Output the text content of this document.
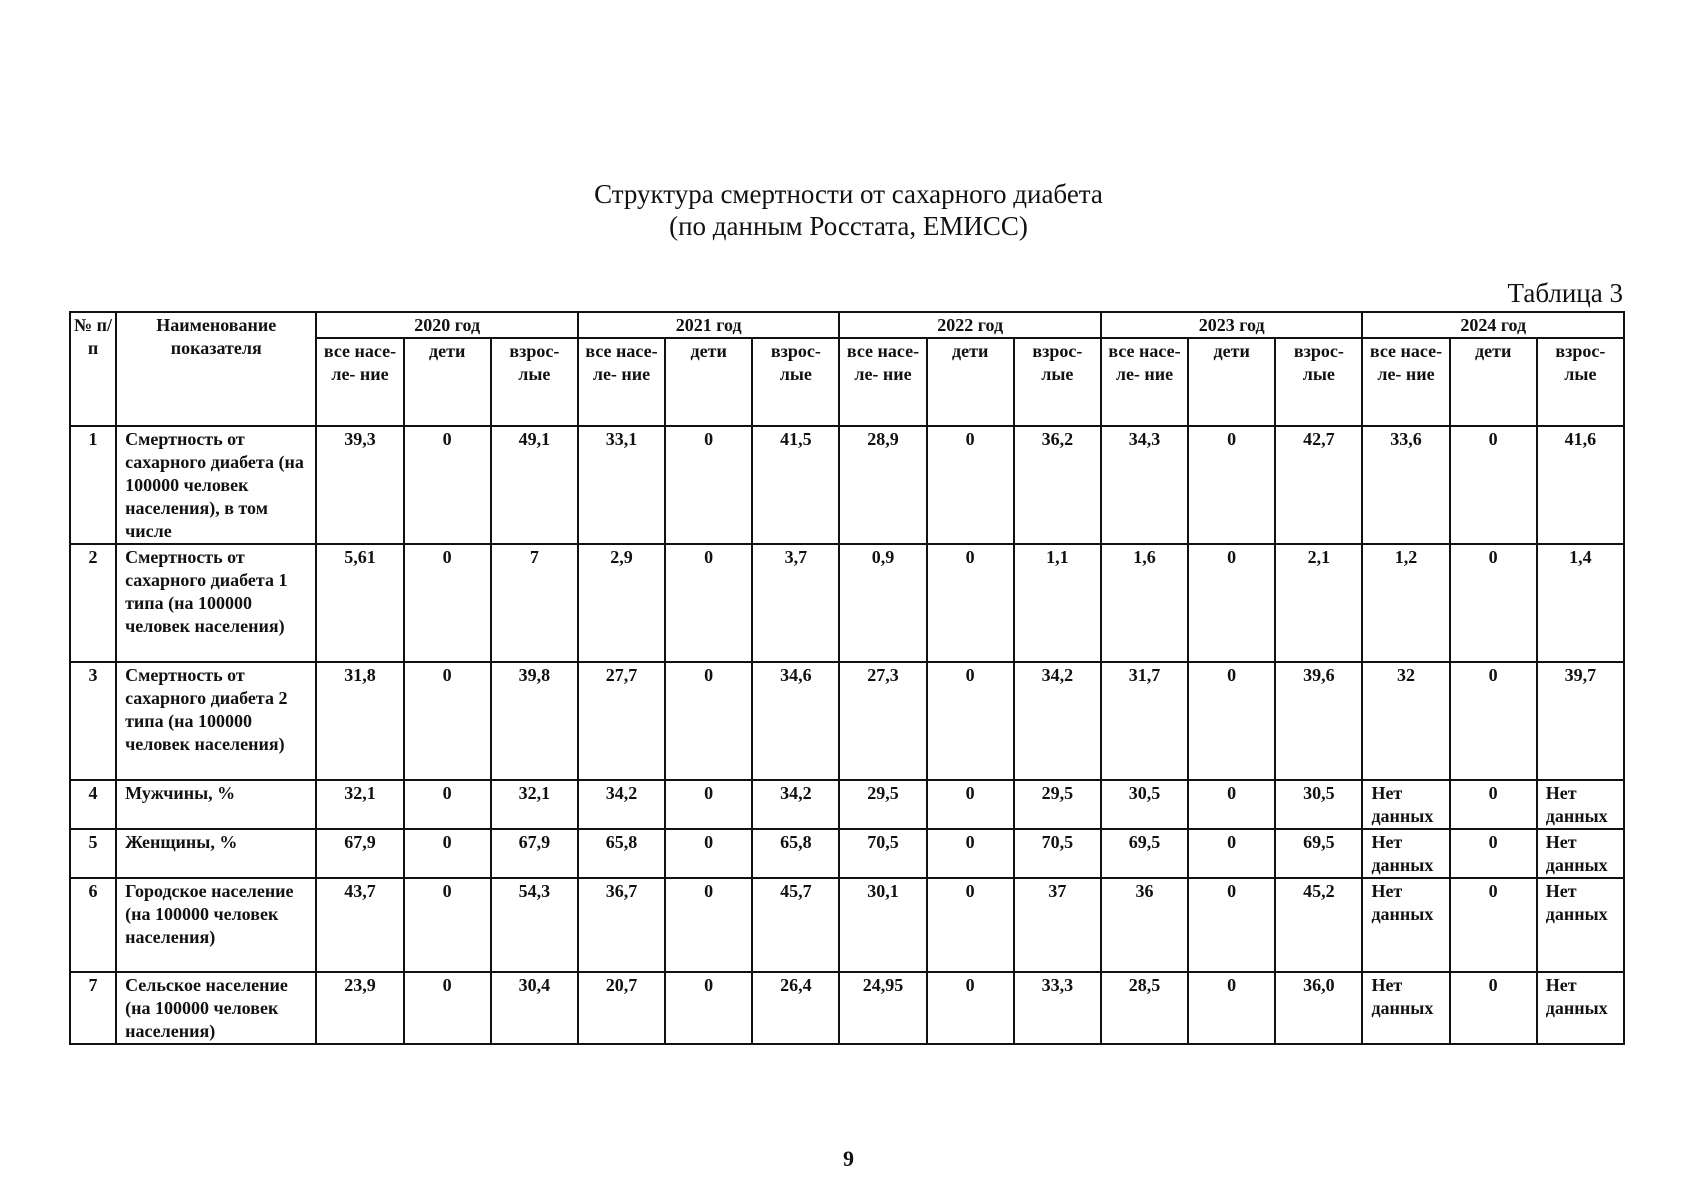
Структура смертности от сахарного диабета
(по данным Росстата, ЕМИСС)
Таблица 3
№ п/п	Наименование показателя	2020 год			2021 год			2022 год			2023 год			2024 год		
		все насе- ле- ние	дети	взрос- лые	все насе- ле- ние	дети	взрос- лые	все насе- ле- ние	дети	взрос- лые	все насе- ле- ние	дети	взрос- лые	все насе- ле- ние	дети	взрос- лые
1	Смертность от сахарного диабета (на 100000 человек населения), в том числе	39,3	0	49,1	33,1	0	41,5	28,9	0	36,2	34,3	0	42,7	33,6	0	41,6
2	Смертность от сахарного диабета 1 типа (на 100000 человек населения)	5,61	0	7	2,9	0	3,7	0,9	0	1,1	1,6	0	2,1	1,2	0	1,4
3	Смертность от сахарного диабета 2 типа (на 100000 человек населения)	31,8	0	39,8	27,7	0	34,6	27,3	0	34,2	31,7	0	39,6	32	0	39,7
4	Мужчины, %	32,1	0	32,1	34,2	0	34,2	29,5	0	29,5	30,5	0	30,5	Нет данных	0	Нет данных
5	Женщины, %	67,9	0	67,9	65,8	0	65,8	70,5	0	70,5	69,5	0	69,5	Нет данных	0	Нет данных
6	Городское население (на 100000 человек населения)	43,7	0	54,3	36,7	0	45,7	30,1	0	37	36	0	45,2	Нет данных	0	Нет данных
7	Сельское население (на 100000 человек населения)	23,9	0	30,4	20,7	0	26,4	24,95	0	33,3	28,5	0	36,0	Нет данных	0	Нет данных
9
